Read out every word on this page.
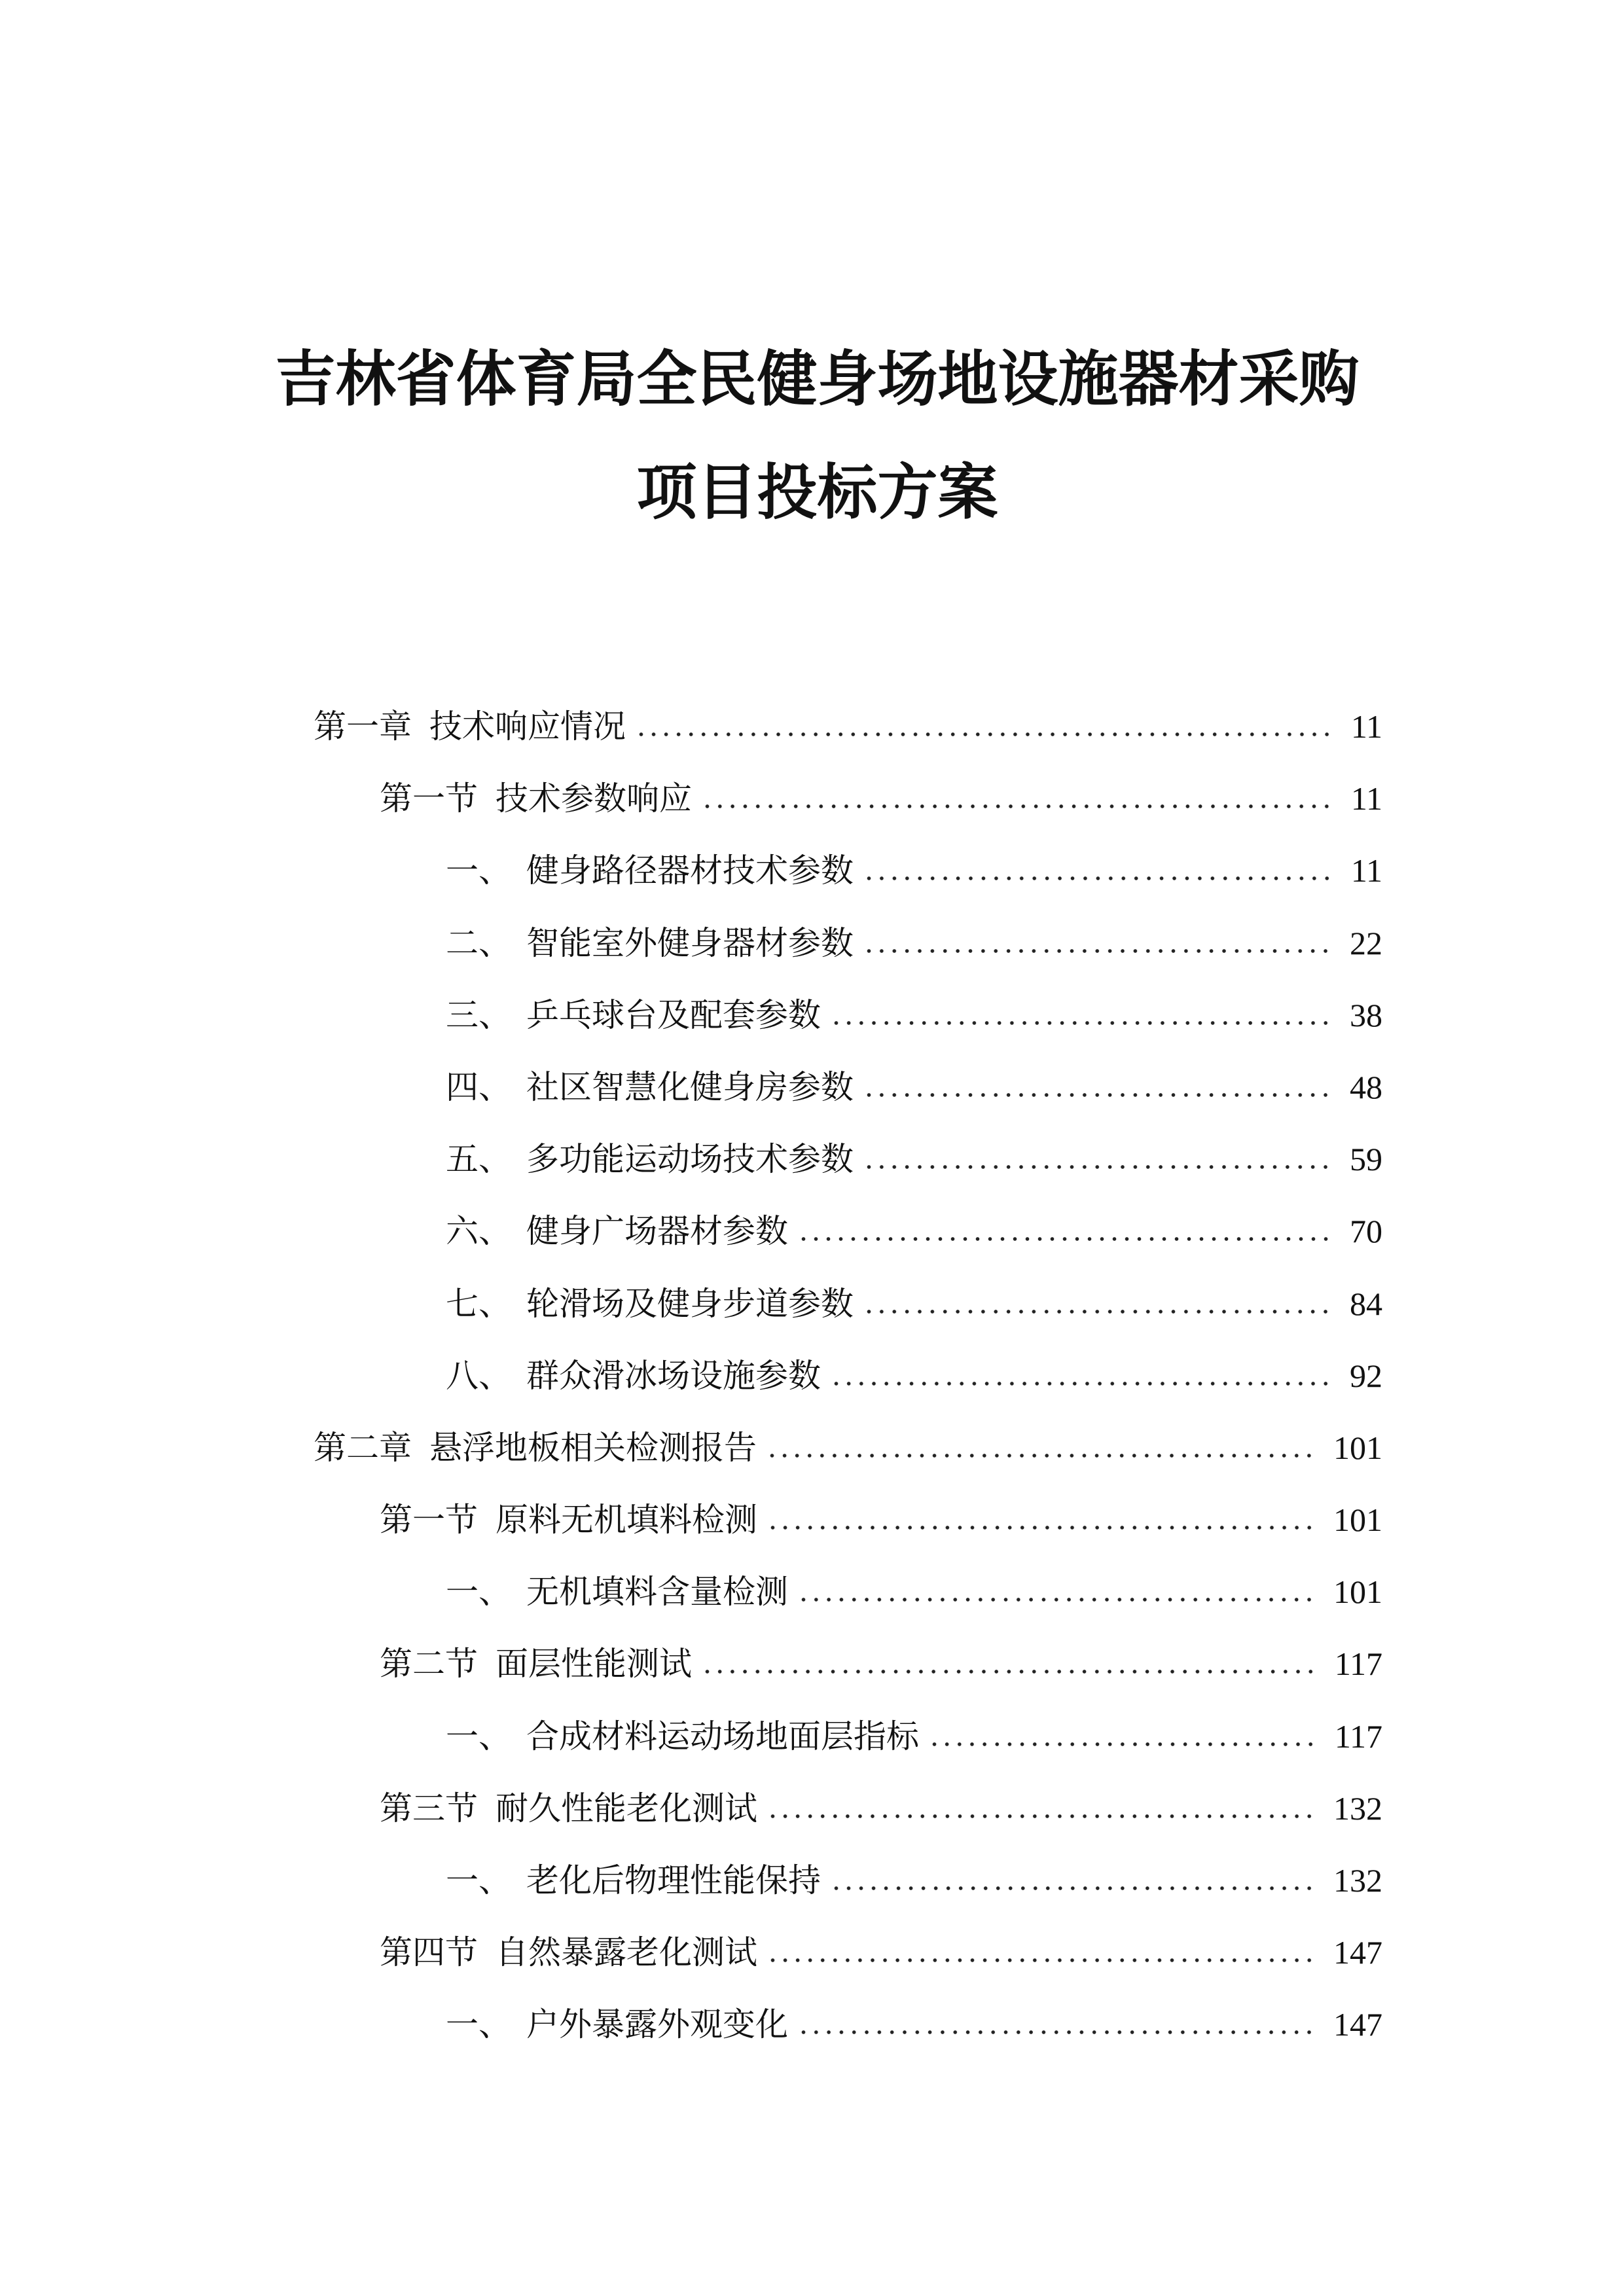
吉林省体育局全民健身场地设施器材采购
项目投标方案
第一章 技术响应情况	11
第一节 技术参数响应	11
一、 健身路径器材技术参数	11
二、 智能室外健身器材参数	22
三、 乒乓球台及配套参数	38
四、 社区智慧化健身房参数	48
五、 多功能运动场技术参数	59
六、 健身广场器材参数	70
七、 轮滑场及健身步道参数	84
八、 群众滑冰场设施参数	92
第二章 悬浮地板相关检测报告	101
第一节 原料无机填料检测	101
一、 无机填料含量检测	101
第二节 面层性能测试	117
一、 合成材料运动场地面层指标	117
第三节 耐久性能老化测试	132
一、 老化后物理性能保持	132
第四节 自然暴露老化测试	147
一、 户外暴露外观变化	147
